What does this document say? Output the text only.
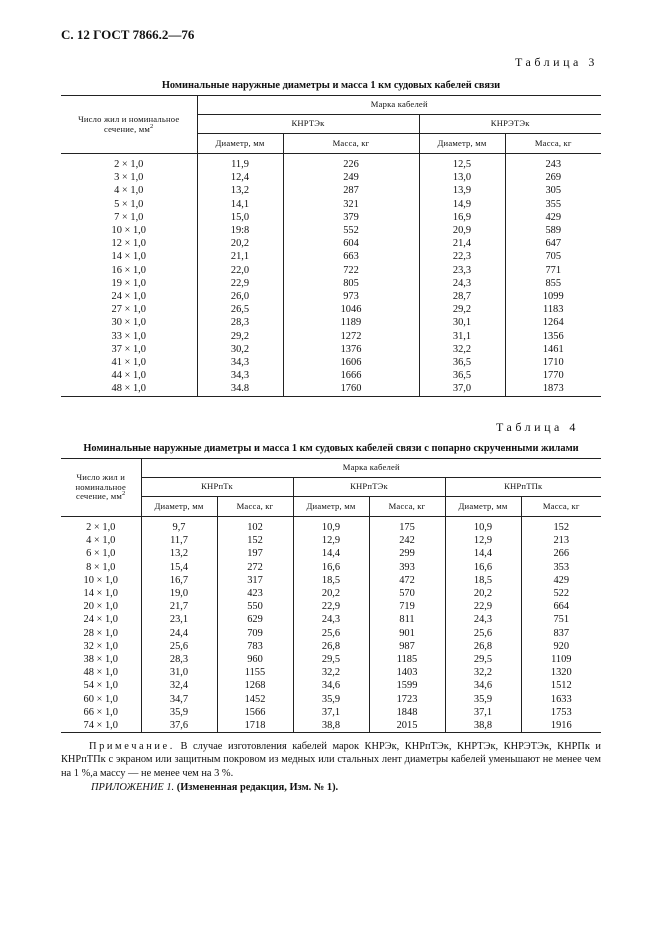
С. 12 ГОСТ 7866.2—76
Таблица 3
Номинальные наружные диаметры и масса 1 км судовых кабелей связи
Число жил и номинальное сечение, $мм^2$	Марка кабелей			
	КНРТЭк		КНРЭТЭк	
	Диаметр, мм	Масса, кг	Диаметр, мм	Масса, кг
2 × 1,0	11,9	226	12,5	243
3 × 1,0	12,4	249	13,0	269
4 × 1,0	13,2	287	13,9	305
5 × 1,0	14,1	321	14,9	355
7 × 1,0	15,0	379	16,9	429
10 × 1,0	19:8	552	20,9	589
12 × 1,0	20,2	604	21,4	647
14 × 1,0	21,1	663	22,3	705
16 × 1,0	22,0	722	23,3	771
19 × 1,0	22,9	805	24,3	855
24 × 1,0	26,0	973	28,7	1099
27 × 1,0	26,5	1046	29,2	1183
30 × 1,0	28,3	1189	30,1	1264
33 × 1,0	29,2	1272	31,1	1356
37 × 1,0	30,2	1376	32,2	1461
41 × 1,0	34,3	1606	36,5	1710
44 × 1,0	34,3	1666	36,5	1770
48 × 1,0	34.8	1760	37,0	1873
Таблица 4
Номинальные наружные диаметры и масса 1 км судовых кабелей связи с попарно скрученными жилами
Число жил и номинальное сечение, $мм^2$	Марка кабелей					
	КНРпТк		КНРпТЭк		КНРпТПк	
	Диаметр, мм	Масса, кг	Диаметр, мм	Масса, кг	Диаметр, мм	Масса, кг
2 × 1,0	9,7	102	10,9	175	10,9	152
4 × 1,0	11,7	152	12,9	242	12,9	213
6 × 1,0	13,2	197	14,4	299	14,4	266
8 × 1,0	15,4	272	16,6	393	16,6	353
10 × 1,0	16,7	317	18,5	472	18,5	429
14 × 1,0	19,0	423	20,2	570	20,2	522
20 × 1,0	21,7	550	22,9	719	22,9	664
24 × 1,0	23,1	629	24,3	811	24,3	751
28 × 1,0	24,4	709	25,6	901	25,6	837
32 × 1,0	25,6	783	26,8	987	26,8	920
38 × 1,0	28,3	960	29,5	1185	29,5	1109
48 × 1,0	31,0	1155	32,2	1403	32,2	1320
54 × 1,0	32,4	1268	34,6	1599	34,6	1512
60 × 1,0	34,7	1452	35,9	1723	35,9	1633
66 × 1,0	35,9	1566	37,1	1848	37,1	1753
74 × 1,0	37,6	1718	38,8	2015	38,8	1916
Примечание. В случае изготовления кабелей марок КНРЭк, КНРпТЭк, КНРТЭк, КНРЭТЭк, КНРПк и КНРпТПк с экраном или защитным покровом из медных или стальных лент диаметры кабелей уменьшают не менее чем на 1 %,а массу — не менее чем на 3 %.
ПРИЛОЖЕНИЕ 1. (Измененная редакция, Изм. № 1).
